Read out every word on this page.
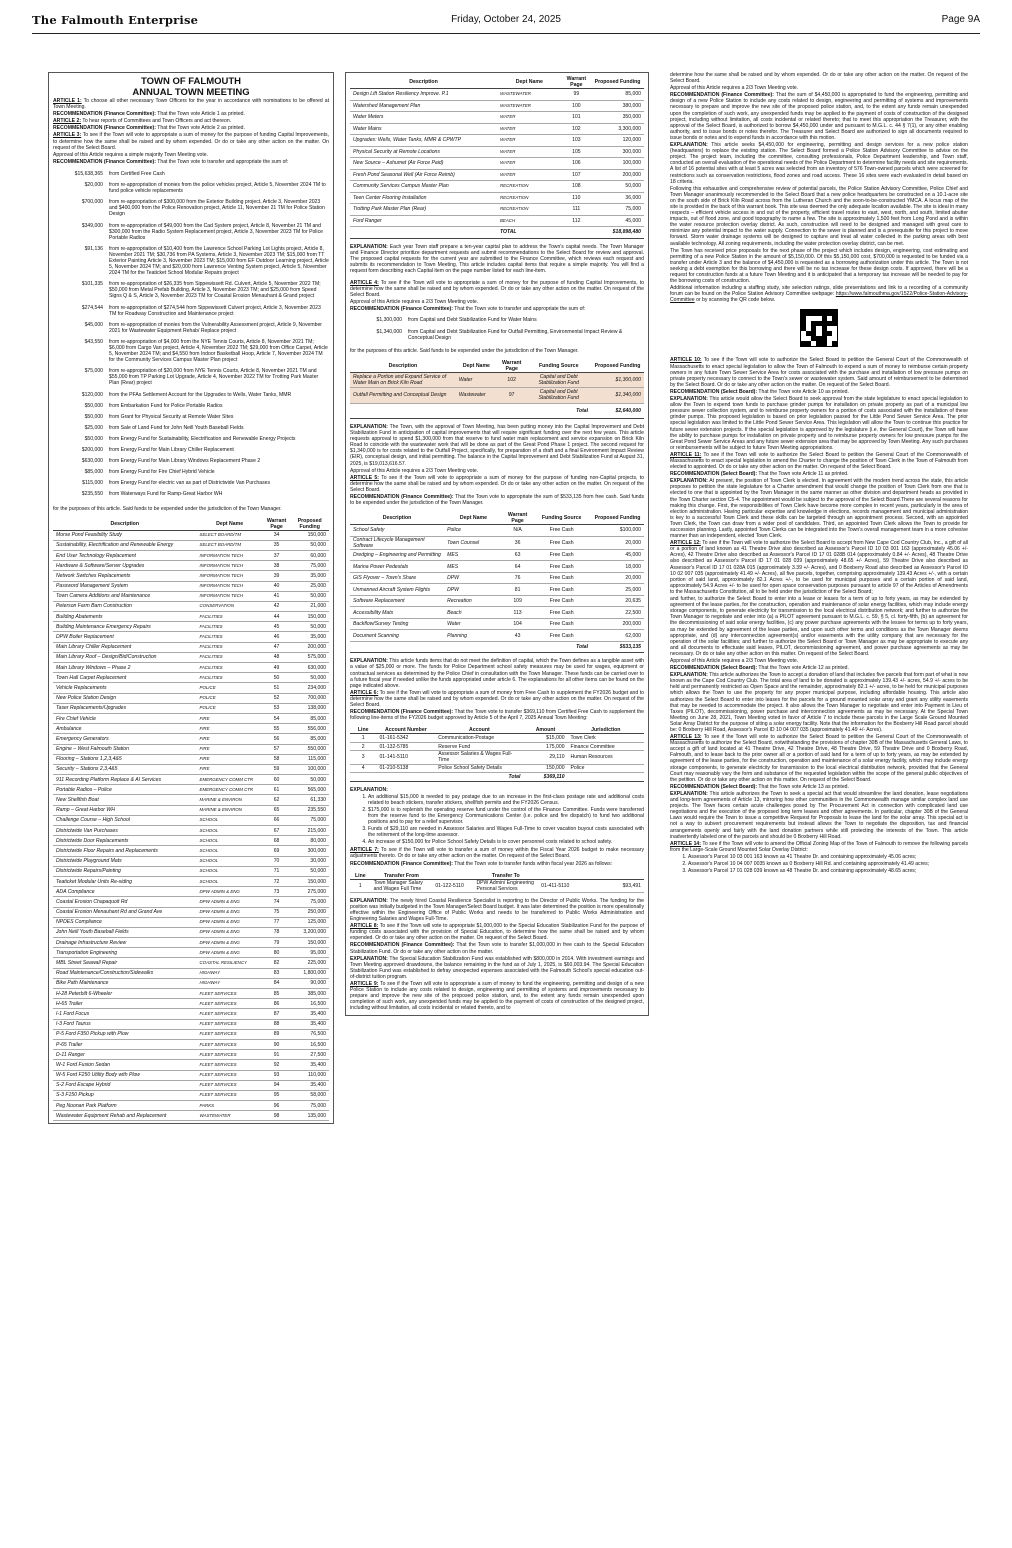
The Falmouth Enterprise	Friday, October 24, 2025	Page 9A
TOWN OF FALMOUTH
ANNUAL TOWN MEETING

ARTICLE 1: To choose all other necessary Town Officers for the year in accordance with nominations to be offered at Town Meeting.

RECOMMENDATION (Finance Committee): That the Town vote Article 1 as printed.

ARTICLE 2: To hear reports of Committees and Town Officers and act thereon.

RECOMMENDATION (Finance Committee): That the Town vote Article 2 as printed.

ARTICLE 3: To see if the Town will vote to appropriate a sum of money for the purpose of funding Capital Improvements, to determine how the same shall be raised and by whom expended. Or do or take any other action on the matter. On request of the Select Board.

Approval of this Article requires a simple majority Town Meeting vote.

RECOMMENDATION (Finance Committee): That the Town vote to transfer and appropriate the sum of:

$15,638,365	from Certified Free Cash
$20,000	from re-appropriation of monies from the police vehicles project, Article 5, November 2024 TM to fund police vehicle replacements
$700,000	from re-appropriation of $300,000 from the Exterior Building project, Article 3, November 2023 and $400,000 from the Police Renovation project, Article 11, November 21 TM for Police Station Design
$349,000	from re-appropriation of $49,000 from the Cad System project, Article 8, November 21 TM and $300,000 from the Radio System Replacement project, Article 3, November 2023 TM for Police Portable Radios
$91,136	from re-appropriation of $10,400 from the Lawrence School Parking Lot Lights project, Article 8, November 2021 TM; $30,736 from PA Systems, Article 3, November 2023 TM; $15,000 from TT Exterior Painting Article 3, November 2023 TM; $15,000 from EF Outdoor Learning project, Article 5, November 2024 TM; and $20,000 from Lawrence Venting System project, Article 5, November 2024 TM for the Teaticket School Modular Repairs project
$101,335	from re-appropriation of $26,335 from Sippewissett Rd. Culvert, Article 5, November 2022 TM; $50,000 from Metal Prefab Building, Article 3, November 2023 TM; and $25,000 from Speed Signs Q & S, Article 3, November 2023 TM for Coastal Erosion Menauhant & Grand project
$274,544	from re-appropriation of $274,544 from Sippewissett Culvert project, Article 3, November 2023 TM for Roadway Construction and Maintenance project
$45,000	from re-appropriation of monies from the Vulnerability Assessment project, Article 9, November 2021 for Wastewater Equipment Rehab/ Replace project
$43,550	from re-appropriation of $4,000 from the NYE Tennis Courts, Article 8, November 2021 TM; $6,000 from Cargo Van project, Article 4, November 2022 TM; $29,000 from Office Carpet, Article 5, November 2024 TM; and $4,550 from Indoor Basketball Hoop, Article 7, November 2024 TM for the Community Services Campus Master Plan project
$75,000	from re-appropriation of $20,000 from NYE Tennis Courts, Article 8, November 2021 TM and $55,000 from TP Parking Lot Upgrade, Article 4, November 2022 TM for Trotting Park Master Plan (Rear) project
$120,000	from the PFAs Settlement Account for the Upgrades to Wells, Water Tanks, MMR
$50,000	from Embarkation Fund for Police Portable Radios
$50,000	from Grant for Physical Security at Remote Water Sites
$25,000	from Sale of Land Fund for John Neill Youth Baseball Fields
$50,000	from Energy Fund for Sustainability, Electrification and Renewable Energy Projects
$200,000	from Energy Fund for Main Library Chiller Replacement
$630,000	from Energy Fund for Main Library Windows Replacement Phase 2
$85,000	from Energy Fund for Fire Chief Hybrid Vehicle
$115,000	from Energy Fund for electric van as part of Districtwide Van Purchases
$235,550	from Waterways Fund for Ramp-Great Harbor WH

for the purposes of this article. Said funds to be expended under the jurisdiction of the Town Manager.

Description	Dept Name	Warrant Page	Proposed Funding
Morse Pond Feasibility Study	SELECT BOARD/TM	34	150,000
Sustainability, Electrification and Renewable Energy	SELECT BOARD/TM	35	50,000
End User Technology Replacement	INFORMATION TECH	37	60,000
Hardware & Software/Server Upgrades	INFORMATION TECH	38	75,000
Network Switches Replacements	INFORMATION TECH	39	35,000
Password Management System	INFORMATION TECH	40	25,000
Town Camera Additions and Maintenance	INFORMATION TECH	41	50,000
Peterson Farm Barn Construction	CONSERVATION	42	21,000
Building Abatements	FACILITIES	44	150,000
Building Maintenance Emergency Repairs	FACILITIES	45	50,000
DPW Boiler Replacement	FACILITIES	46	35,000
Main Library Chiller Replacement	FACILITIES	47	200,000
Main Library Roof – Design/Bid/Construction	FACILITIES	48	575,000
Main Library Windows – Phase 2	FACILITIES	49	630,000
Town Hall Carpet Replacement	FACILITIES	50	50,000
Vehicle Replacements	POLICE	51	234,000
New Police Station Design	POLICE	52	700,000
Taser Replacements/Upgrades	POLICE	53	138,000
Fire Chief Vehicle	FIRE	54	85,000
Ambulance	FIRE	55	556,000
Emergency Generators	FIRE	56	85,000
Engine – West Falmouth Station	FIRE	57	550,000
Flooring – Stations 1,2,3,4&5	FIRE	58	115,000
Security – Stations 2,3,4&5	FIRE	59	100,000
911 Recording Platform Replace & AI Services	EMERGENCY COMM CTR	60	50,000
Portable Radios – Police	EMERGENCY COMM CTR	61	565,000
New Shellfish Boat	MARINE & ENVIRON	62	61,330
Ramp – Great Harbor WH	MARINE & ENVIRON	65	235,550
Challenge Course – High School	SCHOOL	66	75,000
Districtwide Van Purchases	SCHOOL	67	215,000
Districtwide Door Replacements	SCHOOL	68	80,000
Districtwide Floor Repairs and Replacements	SCHOOL	69	300,000
Districtwide Playground Mats	SCHOOL	70	30,000
Districtwide Repairs/Painting	SCHOOL	71	50,000
Teaticket Modular Units Re-siding	SCHOOL	72	150,000
ADA Compliance	DPW ADMIN & ENG	73	275,000
Coastal Erosion Chapaquoit Rd	DPW ADMIN & ENG	74	75,000
Coastal Erosion Menauhant Rd and Grand Ave	DPW ADMIN & ENG	75	250,000
NPDES Compliance	DPW ADMIN & ENG	77	125,000
John Neill Youth Baseball Fields	DPW ADMIN & ENG	78	3,200,000
Drainage Infrastructure Review	DPW ADMIN & ENG	79	150,000
Transportation Engineering	DPW ADMIN & ENG	80	95,000
MBL Street Seawall Repair	COASTAL RESILIENCY	82	225,000
Road Maintenance/Construction/Sidewalks	HIGHWAY	83	1,800,000
Bike Path Maintenance	HIGHWAY	84	90,000
H-28 Peterbilt 6-Wheeler	FLEET SERVICES	85	385,000
H-65 Trailer	FLEET SERVICES	86	16,500
I-1 Ford Focus	FLEET SERVICES	87	35,400
I-3 Ford Taurus	FLEET SERVICES	88	35,400
P-5 Ford F350 Pickup with Plow	FLEET SERVICES	89	76,500
P-65 Trailer	FLEET SERVICES	90	16,500
D-11 Ranger	FLEET SERVICES	91	27,500
W-1 Ford Fusion Sedan	FLEET SERVICES	92	35,400
W-5 Ford F250 Utility Body with Plow	FLEET SERVICES	93	110,000
S-2 Ford Escape Hybrid	FLEET SERVICES	94	35,400
S-3 F150 Pickup	FLEET SERVICES	95	58,000
Peg Noonan Park Platform	PARKS	96	75,000
Wastewater Equipment Rehab and Replacement	WASTEWATER	98	135,000
Description	Dept Name	Warrant Page	Proposed Funding
Design Lift Station Resiliency Improve. P.1	WASTEWATER	99	85,000
Watershed Management Plan	WASTEWATER	100	380,000
Water Meters	WATER	101	350,000
Water Mains	WATER	102	3,300,000
Upgrades: Wells, Water Tanks, MMR & CPWTP	WATER	103	120,000
Physical Security at Remote Locations	WATER	105	300,000
New Source – Ashumet (Air Force Paid)	WATER	106	100,000
Fresh Pond Seasonal Well (Air Force Reimb)	WATER	107	200,000
Community Services Campus Master Plan	RECREATION	108	50,000
Teen Center Flooring Installation	RECREATION	110	36,000
Trotting Park Master Plan (Rear)	RECREATION	111	75,000
Ford Ranger	BEACH	112	45,000
	TOTAL		$18,898,480

EXPLANATION: Each year Town staff prepare a ten-year capital plan to address the Town's capital needs. The Town Manager and Finance Director prioritize department requests and submit recommendations to the Select Board for review and approval. The proposed capital requests for the current year are submitted to the Finance Committee, which reviews each request and submits its recommendation to Town Meeting. This article includes capital items that require a simple majority. You will find a request form describing each Capital item on the page number listed for each line-item.

ARTICLE 4: To see if the Town will vote to appropriate a sum of money for the purpose of funding Capital Improvements, to determine how the same shall be raised and by whom expended. Or do or take any other action on the matter. On request of the Select Board.

Approval of this Article requires a 2/3 Town Meeting vote.

RECOMMENDATION (Finance Committee): That the Town vote to transfer and appropriate the sum of:

$1,300,000	from Capital and Debt Stabilization Fund for Water Mains
$1,340,000	from Capital and Debt Stabilization Fund for Outfall Permitting, Environmental Impact Review & Conceptual Design

for the purposes of this article. Said funds to be expended under the jurisdiction of the Town Manager.

Description	Dept Name	Warrant Page	Funding Source	Proposed Funding
Replace a Portion and Expand Service of Water Main on Brick Kiln Road	Water	102	Capital and Debt Stabilization Fund	$1,300,000
Outfall Permitting and Conceptual Design	Wastewater	97	Capital and Debt Stabilization Fund	$1,340,000
			Total	$2,640,000

EXPLANATION: The Town, with the approval of Town Meeting, has been putting money into the Capital Improvement and Debt Stabilization Fund in anticipation of capital improvements that will require significant funding over the next few years. This article requests approval to spend $1,300,000 from that reserve to fund water main replacement and service expansion on Brick Kiln Road to coincide with the wastewater work that will be done as part of the Great Pond Phase 1 project. The second request for $1,340,000 is for costs related to the Outfall Project, specifically, for preparation of a draft and a final Environment Impact Review (EIR), conceptual design, and initial permitting. The balance in the Capital Improvement and Debt Stabilization Fund at August 31, 2025, is $19,013,616.57.

Approval of this Article requires a 2/3 Town Meeting vote.

ARTICLE 5: To see if the Town will vote to appropriate a sum of money for the purpose of funding non-Capital projects, to determine how the same shall be raised and by whom expended. Or do or take any other action on the matter. On request of the Select Board.

RECOMMENDATION (Finance Committee): That the Town vote to appropriate the sum of $533,135 from free cash. Said funds to be expended under the jurisdiction of the Town Manager.

Description	Dept Name	Warrant Page	Funding Source	Proposed Funding
School Safety	Police	N/A	Free Cash	$100,000
Contract Lifecycle Management Software	Town Counsel	36	Free Cash	20,000
Dredging – Engineering and Permitting	MES	63	Free Cash	45,000
Marina Power Pedestals	MES	64	Free Cash	18,000
GIS Flyover – Town's Share	DPW	76	Free Cash	20,000
Unmanned Aircraft System Flights	DPW	81	Free Cash	25,000
Software Replacement	Recreation	109	Free Cash	20,635
Accessibility Mats	Beach	113	Free Cash	22,500
Backflow/Survey Testing	Water	104	Free Cash	200,000
Document Scanning	Planning	43	Free Cash	62,000
			Total	$533,135

EXPLANATION: This article funds items that do not meet the definition of capital, which the Town defines as a tangible asset with a value of $25,000 or more. The funds for Police Department school safety measures may be used for wages, equipment or contractual services as determined by the Police Chief in consultation with the Town Manager. These funds can be carried over to a future fiscal year if needed unlike the funds appropriated under article 6. The explanations for all other items can be found on the page indicated above.

ARTICLE 6: To see if the Town will vote to appropriate a sum of money from Free Cash to supplement the FY2026 budget and to determine how the same shall be raised and by whom expended. Or do or take any other action on the matter. On request of the Select Board.

RECOMMENDATION (Finance Committee): That the Town vote to transfer $369,110 from Certified Free Cash to supplement the following line-items of the FY2026 budget approved by Article 5 of the April 7, 2025 Annual Town Meeting:

Line	Account Number	Account	Amount	Jurisdiction
1	01-161-5342	Communication-Postage	$15,000	Town Clerk
2	01-132-5785	Reserve Fund	175,000	Finance Committee
3	01-141-5110	Assessor Salaries & Wages Full-Time	29,110	Human Resources
4	01-210-5138	Police School Safety Details	150,000	Police
		Total	$369,110	

EXPLANATION:

1. An additional $15,000 is needed to pay postage due to an increase in the first-class postage rate and additional costs related to beach stickers, transfer stickers, shellfish permits and the FY2026 Census.
2. $175,000 is to replenish the operating reserve fund under the control of the Finance Committee. Funds were transferred from the reserve fund to the Emergency Communications Center (i.e. police and fire dispatch) to fund two additional positions and to pay for a relief supervisor.
3. Funds of $29,110 are needed in Assessor Salaries and Wages Full-Time to cover vacation buyout costs associated with the retirement of the long-time assessor.
4. An increase of $150,000 for Police School Safety Details is to cover personnel costs related to school safety.

ARTICLE 7: To see if the Town will vote to transfer a sum of money within the Fiscal Year 2026 budget to make necessary adjustments thereto. Or do or take any other action on the matter. On request of the Select Board.

RECOMMENDATION (Finance Committee): That the Town vote to transfer funds within fiscal year 2026 as follows:

Line	Transfer From		Transfer To		
1	Town Manager Salary and Wages Full Time	01-122-5110	DPW Admin/ Engineering Personal Services	01-411-5110	$93,491

EXPLANATION: The newly hired Coastal Resilience Specialist is reporting to the Director of Public Works. The funding for the position was initially budgeted in the Town Manager/Select Board budget. It was later determined the position is more operationally effective within the Engineering Office of Public Works and needs to be transferred to Public Works Administration and Engineering Salaries and Wages Full-Time.

ARTICLE 8: To see if the Town will vote to appropriate $1,000,000 to the Special Education Stabilization Fund for the purpose of funding costs associated with the provision of Special Education, to determine how the same shall be raised and by whom expended. Or do or take any other action on the matter. On request of the Select Board.

RECOMMENDATION (Finance Committee): That the Town vote to transfer $1,000,000 in free cash to the Special Education Stabilization Fund. Or do or take any other action on the matter.

EXPLANATION: The Special Education Stabilization Fund was established with $800,000 in 2014. With investment earnings and Town Meeting approved drawdowns, the balance remaining in the fund as of July 1, 2025, is $60,003.94. The Special Education Stabilization Fund was established to defray unexpected expenses associated with the Falmouth School's special education out-of-district tuition program.

ARTICLE 9: To see if the Town will vote to appropriate a sum of money to fund the engineering, permitting and design of a new Police Station to include any costs related to design, engineering and permitting of systems and improvements necessary to prepare and improve the new site of the proposed police station, and, to the extent any funds remain unexpended upon completion of such work, any unexpended funds may be applied to the payment of costs of construction of the designed project, including without limitation, all costs incidental or related thereto, and to

determine how the same shall be raised and by whom expended. Or do or take any other action on the matter. On request of the Select Board.

Approval of this Article requires a 2/3 Town Meeting vote.

RECOMMENDATION (Finance Committee): That the sum of $4,450,000 is appropriated to fund the engineering, permitting and design of a new Police Station to include any costs related to design, engineering and permitting of systems and improvements necessary to prepare and improve the new site of the proposed police station, and, to the extent any funds remain unexpended upon the completion of such work, any unexpended funds may be applied to the payment of costs of construction of the designed project, including without limitation, all costs incidental or related thereto; that to meet this appropriation the Treasurer, with the approval of the Select Board, is authorized to borrow $4,450,000 under and pursuant to M.G.L. c. 44 § 7(1), or any other enabling authority, and to issue bonds or notes therefor. The Treasurer and Select Board are authorized to sign all documents required to issue bonds or notes and to expend funds in accordance with this motion.

EXPLANATION: This article seeks $4,450,000 for engineering, permitting and design services for a new police station (headquarters) to replace the existing station. The Select Board formed a Police Station Advisory Committee to advise on the project. The project team, including the committee, consulting professionals, Police Department leadership, and Town staff, conducted an overall evaluation of the operational needs of the Police Department to determine facility needs and site requirements. A list of 16 potential sites with at least 5 acres was selected from an inventory of 576 Town-owned parcels which were screened for restrictions such as conservation restrictions, flood zones and road access. These 16 sites were each evaluated in detail based on 18 criteria.

Following this exhaustive and comprehensive review of potential parcels, the Police Station Advisory Committee, Police Chief and Town Manager unanimously recommended to the Select Board that a new police headquarters be constructed on a 10.1-acre site on the south side of Brick Kiln Road across from the Lutheran Church and the soon-to-be-constructed YMCA. A locus map of the site is provided in the back of this warrant book. This site was deemed the only adequate location available. The site is ideal in many respects – efficient vehicle access in and out of the property, efficient travel routes to east, west, north, and south, limited abutter impacts, out of flood zone, and good topography to name a few. The site is approximately 1,500 feet from Long Pond and is within the water resource protection overlay district. As such, construction will need to be designed and managed with great care to minimize any potential impact to the water supply. Connection to the sewer is planned and is a prerequisite for this project to move forward. Storm water drainage systems will be designed to capture and treat all water collected in the parking areas with best available technology. All zoning requirements, including the water protection overlay district, can be met.

The Town has received price proposals for the next phase of the project which includes design, engineering, cost estimating and permitting of a new Police Station in the amount of $5,150,000. Of this $5,150,000 cost, $700,000 is requested to be funded via a transfer under Article 3 and the balance of $4,450,000 is requested as a borrowing authorization under this article. The Town is not seeking a debt exemption for this borrowing and there will be no tax increase for these design costs. If approved, there will be a request for construction funds at a future Town Meeting and it is anticipated that a temporary tax increase will be needed to pay for the borrowing costs of construction.

Additional information including a staffing study, site selection ratings, slide presentations and link to a recording of a community forum can be found on the Police Station Advisory Committee webpage: https://www.falmouthma.gov/1522/Police-Station-Advisory-Committee or by scanning the QR code below.

ARTICLE 10: To see if the Town will vote to authorize the Select Board to petition the General Court of the Commonwealth of Massachusetts to enact special legislation to allow the Town of Falmouth to expend a sum of money to reimburse certain property owners in any future Town Sewer Service Area for costs associated with the purchase and installation of low pressure pumps on private property necessary to connect to the Town's sewer or wastewater system. Said amount of reimbursement to be determined by the Select Board. Or do or take any other action on the matter. On request of the Select Board.

RECOMMENDATION (Select Board): That the Town vote Article 10 as printed.

EXPLANATION: This article would allow the Select Board to seek approval from the state legislature to enact special legislation to allow the Town to expend town funds to purchase grinder pumps for installation on private property as part of a municipal low pressure sewer collection system, and to reimburse property owners for a portion of costs associated with the installation of these grinder pumps. This proposed legislation is based on prior legislation passed for the Little Pond Sewer Service Area. The prior special legislation was limited to the Little Pond Sewer Service Area. This legislation will allow the Town to continue this practice for future sewer extension projects. If the special legislation is approved by the legislature (i.e. the General Court), the Town will have the ability to purchase pumps for installation on private property and to reimburse property owners for low pressure pumps for the Great Pond Sewer Service Areas and any future sewer extension area that may be approved by Town Meeting. Any such purchases or reimbursements will be subject to future Town Meeting appropriations.

ARTICLE 11: To see if the Town will vote to authorize the Select Board to petition the General Court of the Commonwealth of Massachusetts to enact special legislation to amend the Charter to change the position of Town Clerk in the Town of Falmouth from elected to appointed. Or do or take any other action on the matter. On request of the Select Board.

RECOMMENDATION (Select Board): That the Town vote Article 11 as printed.

EXPLANATION: At present, the position of Town Clerk is elected. In agreement with the modern trend across the state, this article proposes to petition the state legislature for a Charter amendment that would change the position of Town Clerk from one that is elected to one that is appointed by the Town Manager in the same manner as other division and department heads as provided in the Town Charter section C5-4. The appointment would be subject to the approval of the Select Board.There are several reasons for making this change. First, the responsibilities of Town Clerk have become more complex in recent years, particularly in the area of election administration. Having particular expertise and knowledge in elections, records management and municipal administration is key to a successful Town Clerk and these skills can be targeted through an appointment process. Second, with an appointed Town Clerk, the Town can draw from a wider pool of candidates. Third, an appointed Town Clerk allows the Town to provide for succession planning. Lastly, appointed Town Clerks can be integrated into the Town's overall management team in a more cohesive manner than an independent, elected Town Clerk.

ARTICLE 12: To see if the Town will vote to authorize the Select Board to accept from New Cape Cod Country Club, Inc., a gift of all or a portion of land known as 41 Theatre Drive also described as Assessor's Parcel ID 10 03 001 163 (approximately 45.06 +/- Acres), 42 Theatre Drive also described as Assessor's Parcel ID 17 01 028B 014 (approximately 0.84 +/- Acres), 48 Theatre Drive also described as Assessor's Parcel ID 17 01 028 039 (approximately 48.65 +/- Acres), 59 Theatre Drive also described as Assessor's Parcel ID 17 01 028A 015 (approximately 3.39 +/- Acres), and 0 Boxberry Road also described as Assessor's Parcel ID 10 02 007 035 (approximately 41.49 +/- Acres), all five parcels, together, comprising approximately 139.43 Acres +/-, with a certain portion of said land, approximately 82.1 Acres +/-, to be used for municipal purposes and a certain portion of said land, approximately 54.9 Acres +/- to be used for open space conservation purposes pursuant to article 97 of the Articles of Amendments to the Massachusetts Constitution, all to be held under the jurisdiction of the Select Board;

and further, to authorize the Select Board to enter into a lease or leases for a term of up to forty years, as may be extended by agreement of the lease parties, for the construction, operation and maintenance of solar energy facilities, which may include energy storage components, to generate electricity for transmission to the local electrical distribution network; and further to authorize the Town Manager to negotiate and enter into (a) a PILOT agreement pursuant to M.G.L. c. 59, § 5, cl. forty-fifth, (b) an agreement for the decommissioning of said solar energy facilities, (c) any power purchase agreements with the lessee for terms up to forty years, as may be extended by agreement of the lease parties, and upon such other terms and conditions as the Town Manager deems appropriate, and (d) any interconnection agreement(s) and/or easements with the utility company that are necessary for the operation of the solar facilities; and further to authorize the Select Board or Town Manager as may be appropriate to execute any and all documents to effectuate said leases, PILOT, decommissioning agreement, and power purchase agreements as may be necessary. Or do or take any other action on this matter. On request of the Select Board.

Approval of this Article requires a 2/3 Town Meeting vote.

RECOMMENDATION (Select Board): That the Town vote Article 12 as printed.

EXPLANATION: This article authorizes the Town to accept a donation of land that includes five parcels that form part of what is now known as the Cape Cod Country Club. The total area of land to be donated is approximately 139.43 +/- acres, 54.9 +/- acres to be held and permanently restricted as Open Space and the remainder, approximately 82.1 +/- acres, to be held for municipal purposes which allows the Town to use the property for any proper municipal purpose, including affordable housing. This article also authorizes the Select Board to enter into leases for the parcels for a ground mounted solar array and grant any utility easements that may be needed to accommodate the project. It also allows the Town Manager to negotiate and enter into Payment in Lieu of Taxes (PILOT), decommissioning, power purchase and interconnection agreements as may be necessary. At the Special Town Meeting on June 28, 2021, Town Meeting voted in favor of Article 7 to include these parcels in the Large Scale Ground Mounted Solar Array District for the purpose of siting a solar energy facility. Note that the information for the Boxberry Hill Road parcel should be: 0 Boxberry Hill Road, Assessor's Parcel ID 10 04 007 035 (approximately 41.49 +/- Acres).

ARTICLE 13: To see if the Town will vote to authorize the Select Board to petition the General Court of the Commonwealth of Massachusetts to authorize the Select Board, notwithstanding the provisions of chapter 30B of the Massachusetts General Laws, to accept a gift of land located at 41 Theatre Drive, 42 Theatre Drive, 48 Theatre Drive, 59 Theatre Drive and 0 Boxberry Road, Falmouth, and to lease back to the prior owner all or a portion of said land for a term of up to forty years, as may be extended by agreement of the lease parties, for the construction, operation and maintenance of a solar energy facility, which may include energy storage components, to generate electricity for transmission to the local electrical distribution network, provided that the General Court may reasonably vary the form and substance of the requested legislation within the scope of the general public objectives of the petition. Or do or take any other action on this matter. On request of the Select Board.

RECOMMENDATION (Select Board): That the Town vote Article 13 as printed.

EXPLANATION: This article authorizes the Town to seek a special act that would streamline the land donation, lease negotiations and long-term agreements of Article 13, mirroring how other communities in the Commonwealth manage similar complex land use projects. The Town faces certain acute challenges posed by The Procurement Act in connection with complicated land use negotiations and the execution of the proposed long term leases and other agreements. In particular, chapter 30B of the General Laws would require the Town to issue a competitive Request for Proposals to lease the land for the solar array. This special act is not a way to subvert procurement requirements but instead allows the Town to negotiate the disposition, tax and financial arrangements openly and fairly with the land donation partners while still protecting the interests of the Town. This article inadvertently labeled one of the parcels and should be 0 Boxberry Hill Road.

ARTICLE 14: To see if the Town will vote to amend the Official Zoning Map of the Town of Falmouth to remove the following parcels from the Large-Scale Ground Mounted Solar Overlay District:

1. Assessor's Parcel 10 03 001 163 known as 41 Theatre Dr. and containing approximately 45.06 acres;
2. Assessor's Parcel 10 04 007 0035 known as 0 Boxberry Hill Rd. and containing approximately 41.49 acres;
3. Assessor's Parcel 17 01 028 039 known as 48 Theatre Dr. and containing approximately 48.65 acres;
